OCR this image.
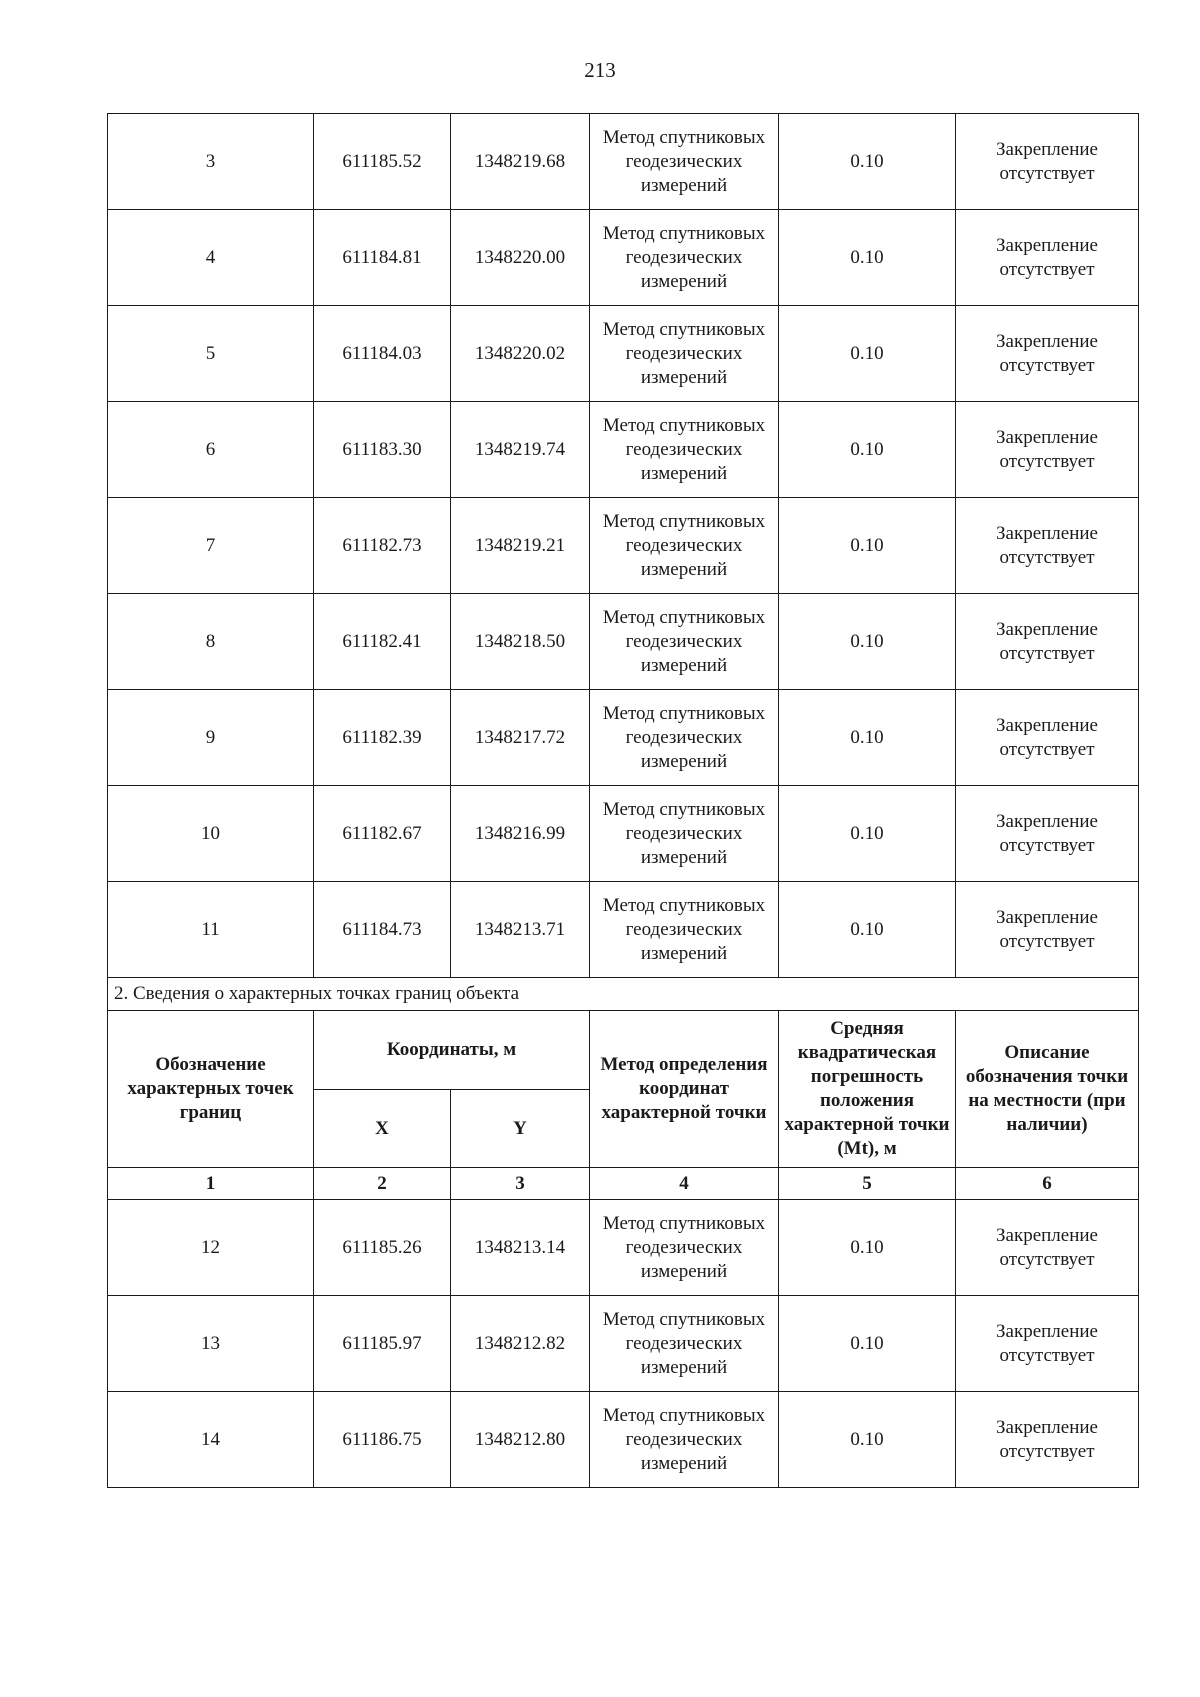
213
3	611185.52	1348219.68	Метод спутниковых геодезических измерений	0.10	Закрепление отсутствует
4	611184.81	1348220.00	Метод спутниковых геодезических измерений	0.10	Закрепление отсутствует
5	611184.03	1348220.02	Метод спутниковых геодезических измерений	0.10	Закрепление отсутствует
6	611183.30	1348219.74	Метод спутниковых геодезических измерений	0.10	Закрепление отсутствует
7	611182.73	1348219.21	Метод спутниковых геодезических измерений	0.10	Закрепление отсутствует
8	611182.41	1348218.50	Метод спутниковых геодезических измерений	0.10	Закрепление отсутствует
9	611182.39	1348217.72	Метод спутниковых геодезических измерений	0.10	Закрепление отсутствует
10	611182.67	1348216.99	Метод спутниковых геодезических измерений	0.10	Закрепление отсутствует
11	611184.73	1348213.71	Метод спутниковых геодезических измерений	0.10	Закрепление отсутствует
2. Сведения о характерных точках границ объекта					
Обозначение характерных точек границ	Координаты, м		Метод определения координат характерной точки	Средняя квадратическая погрешность положения характерной точки (Mt), м	Описание обозначения точки на местности (при наличии)
	X	Y			
1	2	3	4	5	6
12	611185.26	1348213.14	Метод спутниковых геодезических измерений	0.10	Закрепление отсутствует
13	611185.97	1348212.82	Метод спутниковых геодезических измерений	0.10	Закрепление отсутствует
14	611186.75	1348212.80	Метод спутниковых геодезических измерений	0.10	Закрепление отсутствует
